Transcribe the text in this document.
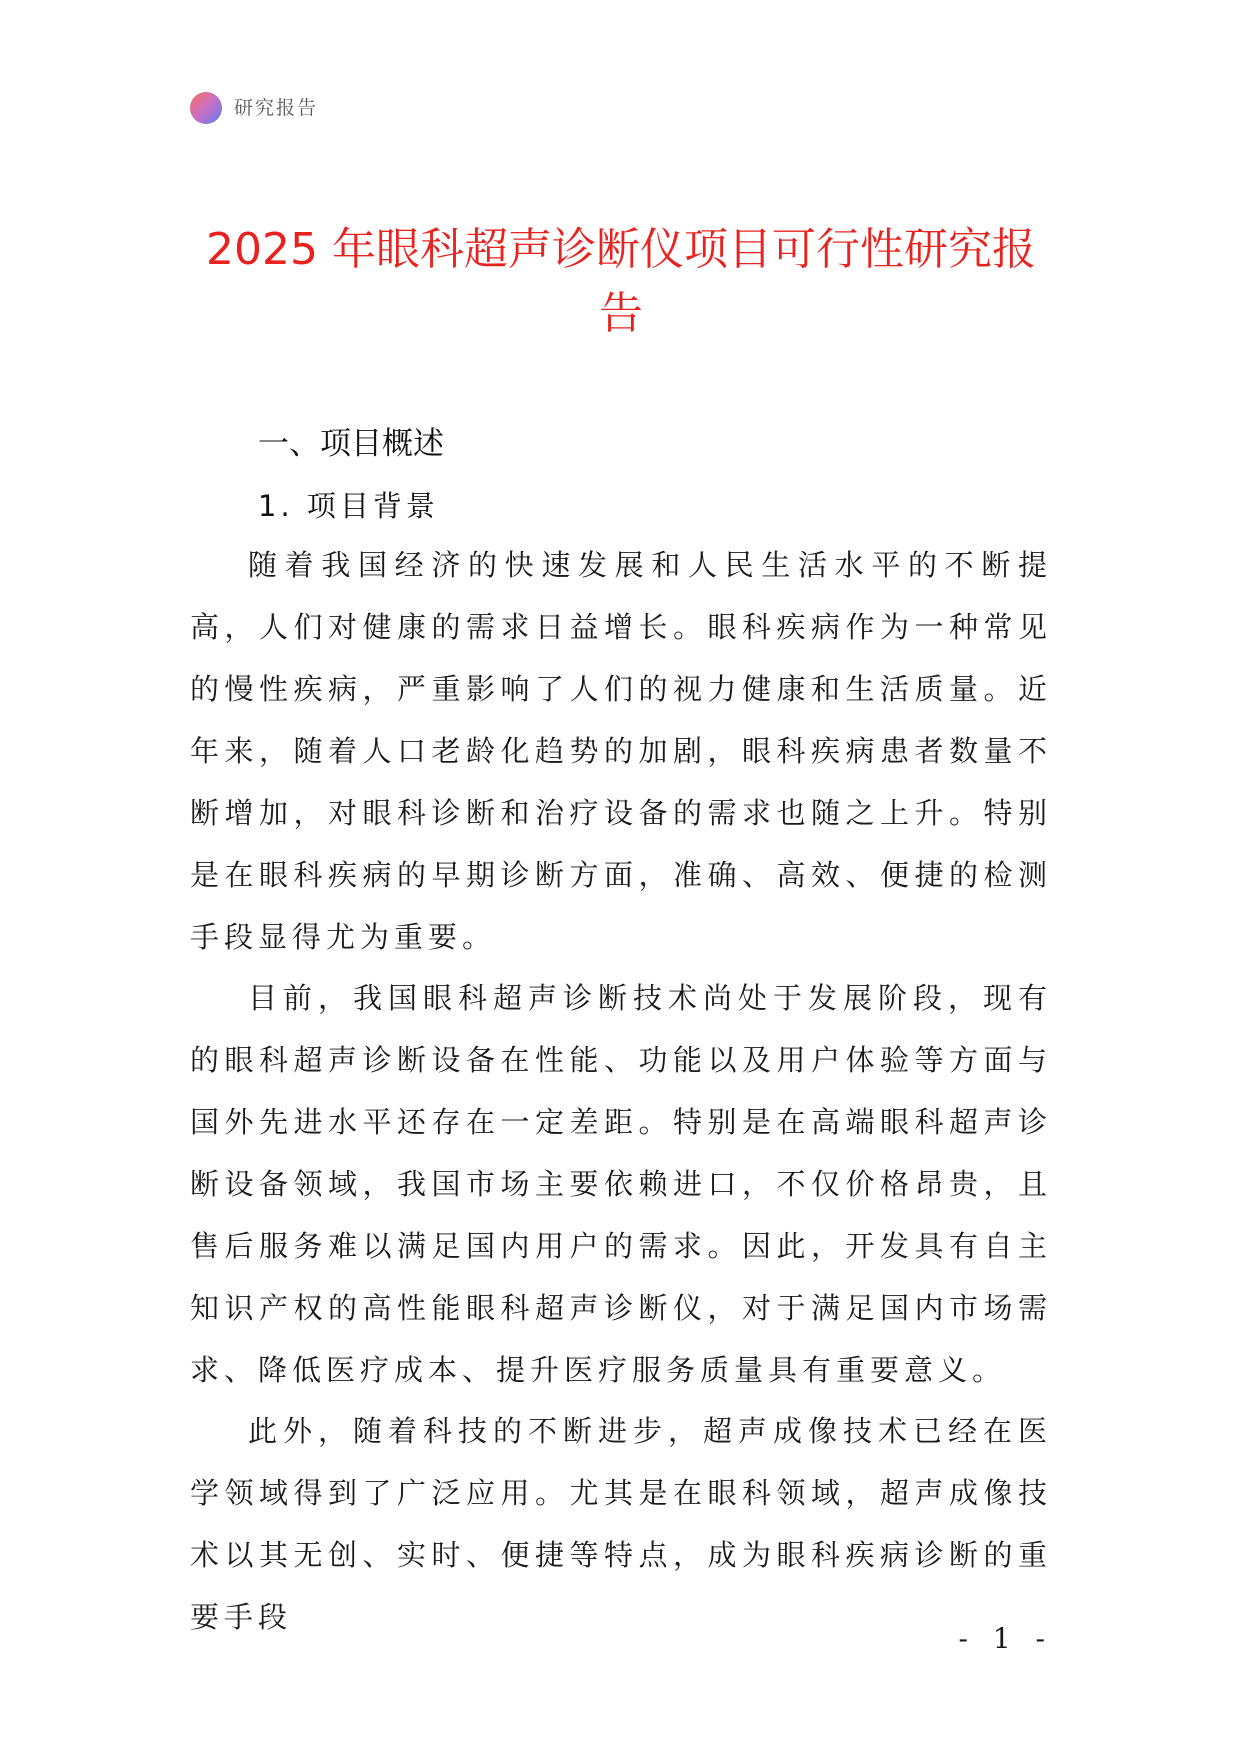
研究报告
2025 年眼科超声诊断仪项目可行性研究报告
一、项目概述
1. 项目背景

随着我国经济的快速发展和人民生活水平的不断提高，人们对健康的需求日益增长。眼科疾病作为一种常见的慢性疾病，严重影响了人们的视力健康和生活质量。近年来，随着人口老龄化趋势的加剧，眼科疾病患者数量不断增加，对眼科诊断和治疗设备的需求也随之上升。特别是在眼科疾病的早期诊断方面，准确、高效、便捷的检测手段显得尤为重要。

目前，我国眼科超声诊断技术尚处于发展阶段，现有的眼科超声诊断设备在性能、功能以及用户体验等方面与国外先进水平还存在一定差距。特别是在高端眼科超声诊断设备领域，我国市场主要依赖进口，不仅价格昂贵，且售后服务难以满足国内用户的需求。因此，开发具有自主知识产权的高性能眼科超声诊断仪，对于满足国内市场需求、降低医疗成本、提升医疗服务质量具有重要意义。

此外，随着科技的不断进步，超声成像技术已经在医学领域得到了广泛应用。尤其是在眼科领域，超声成像技术以其无创、实时、便捷等特点，成为眼科疾病诊断的重要手段

- 1 -
